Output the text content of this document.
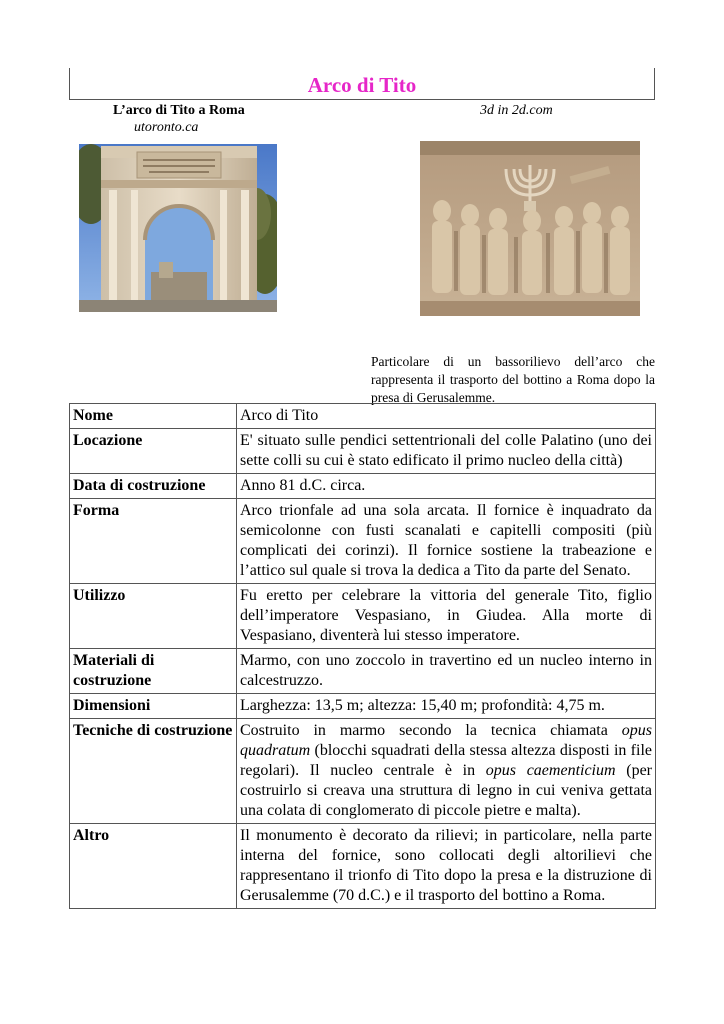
Arco di Tito
L’arco di Tito a Roma
utoronto.ca
3d in 2d.com
Particolare di un bassorilievo dell’arco che rappresenta il trasporto del bottino a Roma dopo la presa di Gerusalemme.
Nome	Arco di Tito
Locazione	E' situato sulle pendici settentrionali del colle Palatino (uno dei sette colli su cui è stato edificato il primo nucleo della città)
Data di costruzione	Anno 81 d.C. circa.
Forma	Arco trionfale ad una sola arcata. Il fornice è inquadrato da semicolonne con fusti scanalati e capitelli compositi (più complicati dei corinzi). Il fornice sostiene la trabeazione e l’attico sul quale si trova la dedica a Tito da parte del Senato.
Utilizzo	Fu eretto per celebrare la vittoria del generale Tito, figlio dell’imperatore Vespasiano, in Giudea. Alla morte di Vespasiano, diventerà lui stesso imperatore.
Materiali di costruzione	Marmo, con uno zoccolo in travertino ed un nucleo interno in calcestruzzo.
Dimensioni	Larghezza: 13,5 m; altezza: 15,40 m; profondità: 4,75 m.
Tecniche di costruzione	Costruito in marmo secondo la tecnica chiamata opus quadratum (blocchi squadrati della stessa altezza disposti in file regolari). Il nucleo centrale è in opus caementicium (per costruirlo si creava una struttura di legno in cui veniva gettata una colata di conglomerato di piccole pietre e malta).
Altro	Il monumento è decorato da rilievi; in particolare, nella parte interna del fornice, sono collocati degli altorilievi che rappresentano il trionfo di Tito dopo la presa e la distruzione di Gerusalemme (70 d.C.) e il trasporto del bottino a Roma.
